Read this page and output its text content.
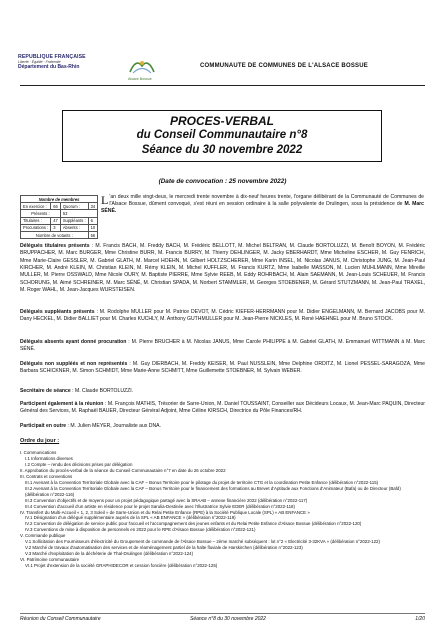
REPUBLIQUE FRANÇAISE
Liberté · Égalité · Fraternité
Département du Bas-Rhin
Alsace Bossue
COMMUNAUTE DE COMMUNES DE L'ALSACE BOSSUE
PROCES-VERBAL
du Conseil Communautaire n°8
Séance du 30 novembre 2022
(Date de convocation : 25 novembre 2022)
Nombre de membres			
En exercice :	66	Quorum :	34
Présents :		53	
Titulaires :	47	Suppléants :	6
Procurations :	3	Absents :	10
Nombre de votants :			56
L 'an deux mille vingt-deux, le mercredi trente novembre à dix-neuf heures trente, l'organe délibérant de la Communauté de Communes de l'Alsace Bossue, dûment convoqué, s'est réuni en session ordinaire à la salle polyvalente de Drulingen, sous la présidence de M. Marc SÉNÉ.
Délégués titulaires présents : M. Francis BACH, M. Freddy BACH, M. Frédéric BELLOTT, M. Michel BELTRAN, M. Claude BORTOLUZZI, M. Benoît BOYON, M. Frédéric BRUPPACHER, M. Marc BURGER, Mme Christine BURR, M. Francis BURRY, M. Thierry DEHLINGER, M. Jacky EBERHARDT, Mme Micheline ESCHER, M. Guy FENRICH, Mme Marie-Claire GESSLER, M. Gabriel GLATH, M. Marcel HOEHN, M. Gilbert HOLTZSCHERER, Mme Karin INSEL, M. Nicolas JANUS, M. Christophe JUNG, M. Jean-Paul KIRCHER, M. André KLEIN, M. Christian KLEIN, M. Rémy KLEIN, M. Michel KUFFLER, M. Francis KURTZ, Mme Isabelle MASSON, M. Lucien MUHLMANN, Mme Mireille MULLER, M. Pierre OSSWALD, Mme Nicole OURY, M. Baptiste PIERRE, Mme Sylvie REEB, M. Eddy ROHRBACH, M. Alain SAEMANN, M. Jean-Louis SCHEUER, M. Francis SCHORUNG, M. Aimé SCHREINER, M. Marc SÉNÉ, M. Christian SPADA, M. Norbert STAMMLER, M. Georges STOEBENER, M. Gérard STUTZMANN, M. Jean-Paul TRAXEL, M. Roger WAHL, M. Jean-Jacques WURSTEISEN.
Délégués suppléants présents : M. Rodolphe MULLER pour M. Patrice DEVOT, M. Cédric KIEFER-HERRMANN pour M. Didier ENGELMANN, M. Bernard JACOBS pour M. Dany HECKEL, M. Didier BALLIET pour M. Charles KUCHLY, M. Anthony GUTHMULLER pour M. Jean-Pierre NICKLES, M. René HAEHNEL pour M. Bruno STOCK.
Délégués absents ayant donné procuration : M. Pierre BRUCHER à M. Nicolas JANUS, Mme Carole PHILIPPE à M. Gabriel GLATH, M. Emmanuel WITTMANN à M. Marc SÉNÉ.
Délégués non suppléés et non représentés : M. Guy DIERBACH, M. Freddy KEISER, M. Paul NUSSLEIN, Mme Delphine ORDITZ, M. Lionel PESSEL-SARAGOZA, Mme Barbara SCHICKNER, M. Simon SCHMIDT, Mme Marie-Anne SCHMITT, Mme Guillemette STOEBNER, M. Sylvain WEBER.
Secrétaire de séance : M. Claude BORTOLUZZI.
Participent également à la réunion : M. François MATHIS, Trésorier de Sarre-Union, M. Daniel TOUSSAINT, Conseiller aux Décideurs Locaux, M. Jean-Marc PAQUIN, Directeur Général des Services, M. Raphaël BAUER, Directeur Général Adjoint, Mme Céline KIRSCH, Directrice du Pôle Finances/RH.
Participait en outre : M. Julien MEYER, Journaliste aux DNA.
Ordre du jour :
I. Communications
I.1 Informations diverses
I.2 Compte – rendu des décisions prises par délégation
II. Approbation du procès-verbal de la séance du Conseil Communautaire n°7 en date du 26 octobre 2022
III. Contrats et conventions
III.1 Avenant à la Convention Territoriale Globale avec la CAF – Bonus Territoire pour le pilotage du projet de territoire CTG et la coordination Petite Enfance (délibération n°2022-115)
III.2 Avenant à la Convention Territoriale Globale avec la CAF – Bonus Territoire pour le financement des formations au Brevet d'Aptitude aux Fonctions d'Animateur (Bafa) ou de Directeur (Bafd) (délibération n°2022-116)
III.3 Convention d'objectifs et de moyens pour un projet pédagogique partagé avec la SRAAB – annexe financière 2022 (délibération n°2022-117)
III.4 Convention d'accueil d'un artiste en résidence pour le projet Sarulia-Destinée avec l'Illustratrice Sylvie EDER (délibération n°2022-118)
IV. Transfert du Multi-Accueil « 1, 2, 3 Soleil » de Sarre-Union et du Relai Petite Enfance (RPE) à la Société Publique Locale (SPL) « AB ENFANCE »
IV.1 Désignation d'un délégué supplémentaire auprès de la SPL « AB ENFANCE » (délibération n°2022-119)
IV.2 Convention de délégation de service public pour l'accueil et l'accompagnement des jeunes enfants et du Relai Petite Enfance d'Alsace Bossue (délibération n°2022-120)
IV.3 Conventions de mise à disposition de personnels en 2022 pour le RPE d'Alsace Bossue (délibération n°2022-121)
V. Commande publique
V.1 Sollicitation des Fournisseurs d'électricité du Groupement de commande de l'Alsace Bossue – 2ème marché subséquent : lot n°2 « Electricité 3-32KVA » (délibération n°2022-122)
V.2 Marché de travaux d'automatisation des services et de réaménagement partiel de la halte fluviale de Harskirchen (délibération n°2022-123)
V.3 Marché d'exploitation de la déchèterie de Thal-Drulingen (délibération n°2022-124)
VI. Patrimoine communautaire
VI.1 Projet d'extension de la société GRAPHIDECOR et cession foncière (délibération n°2022-125)
Réunion du Conseil Communautaire	Séance n°8 du 30 novembre 2022	1/20
